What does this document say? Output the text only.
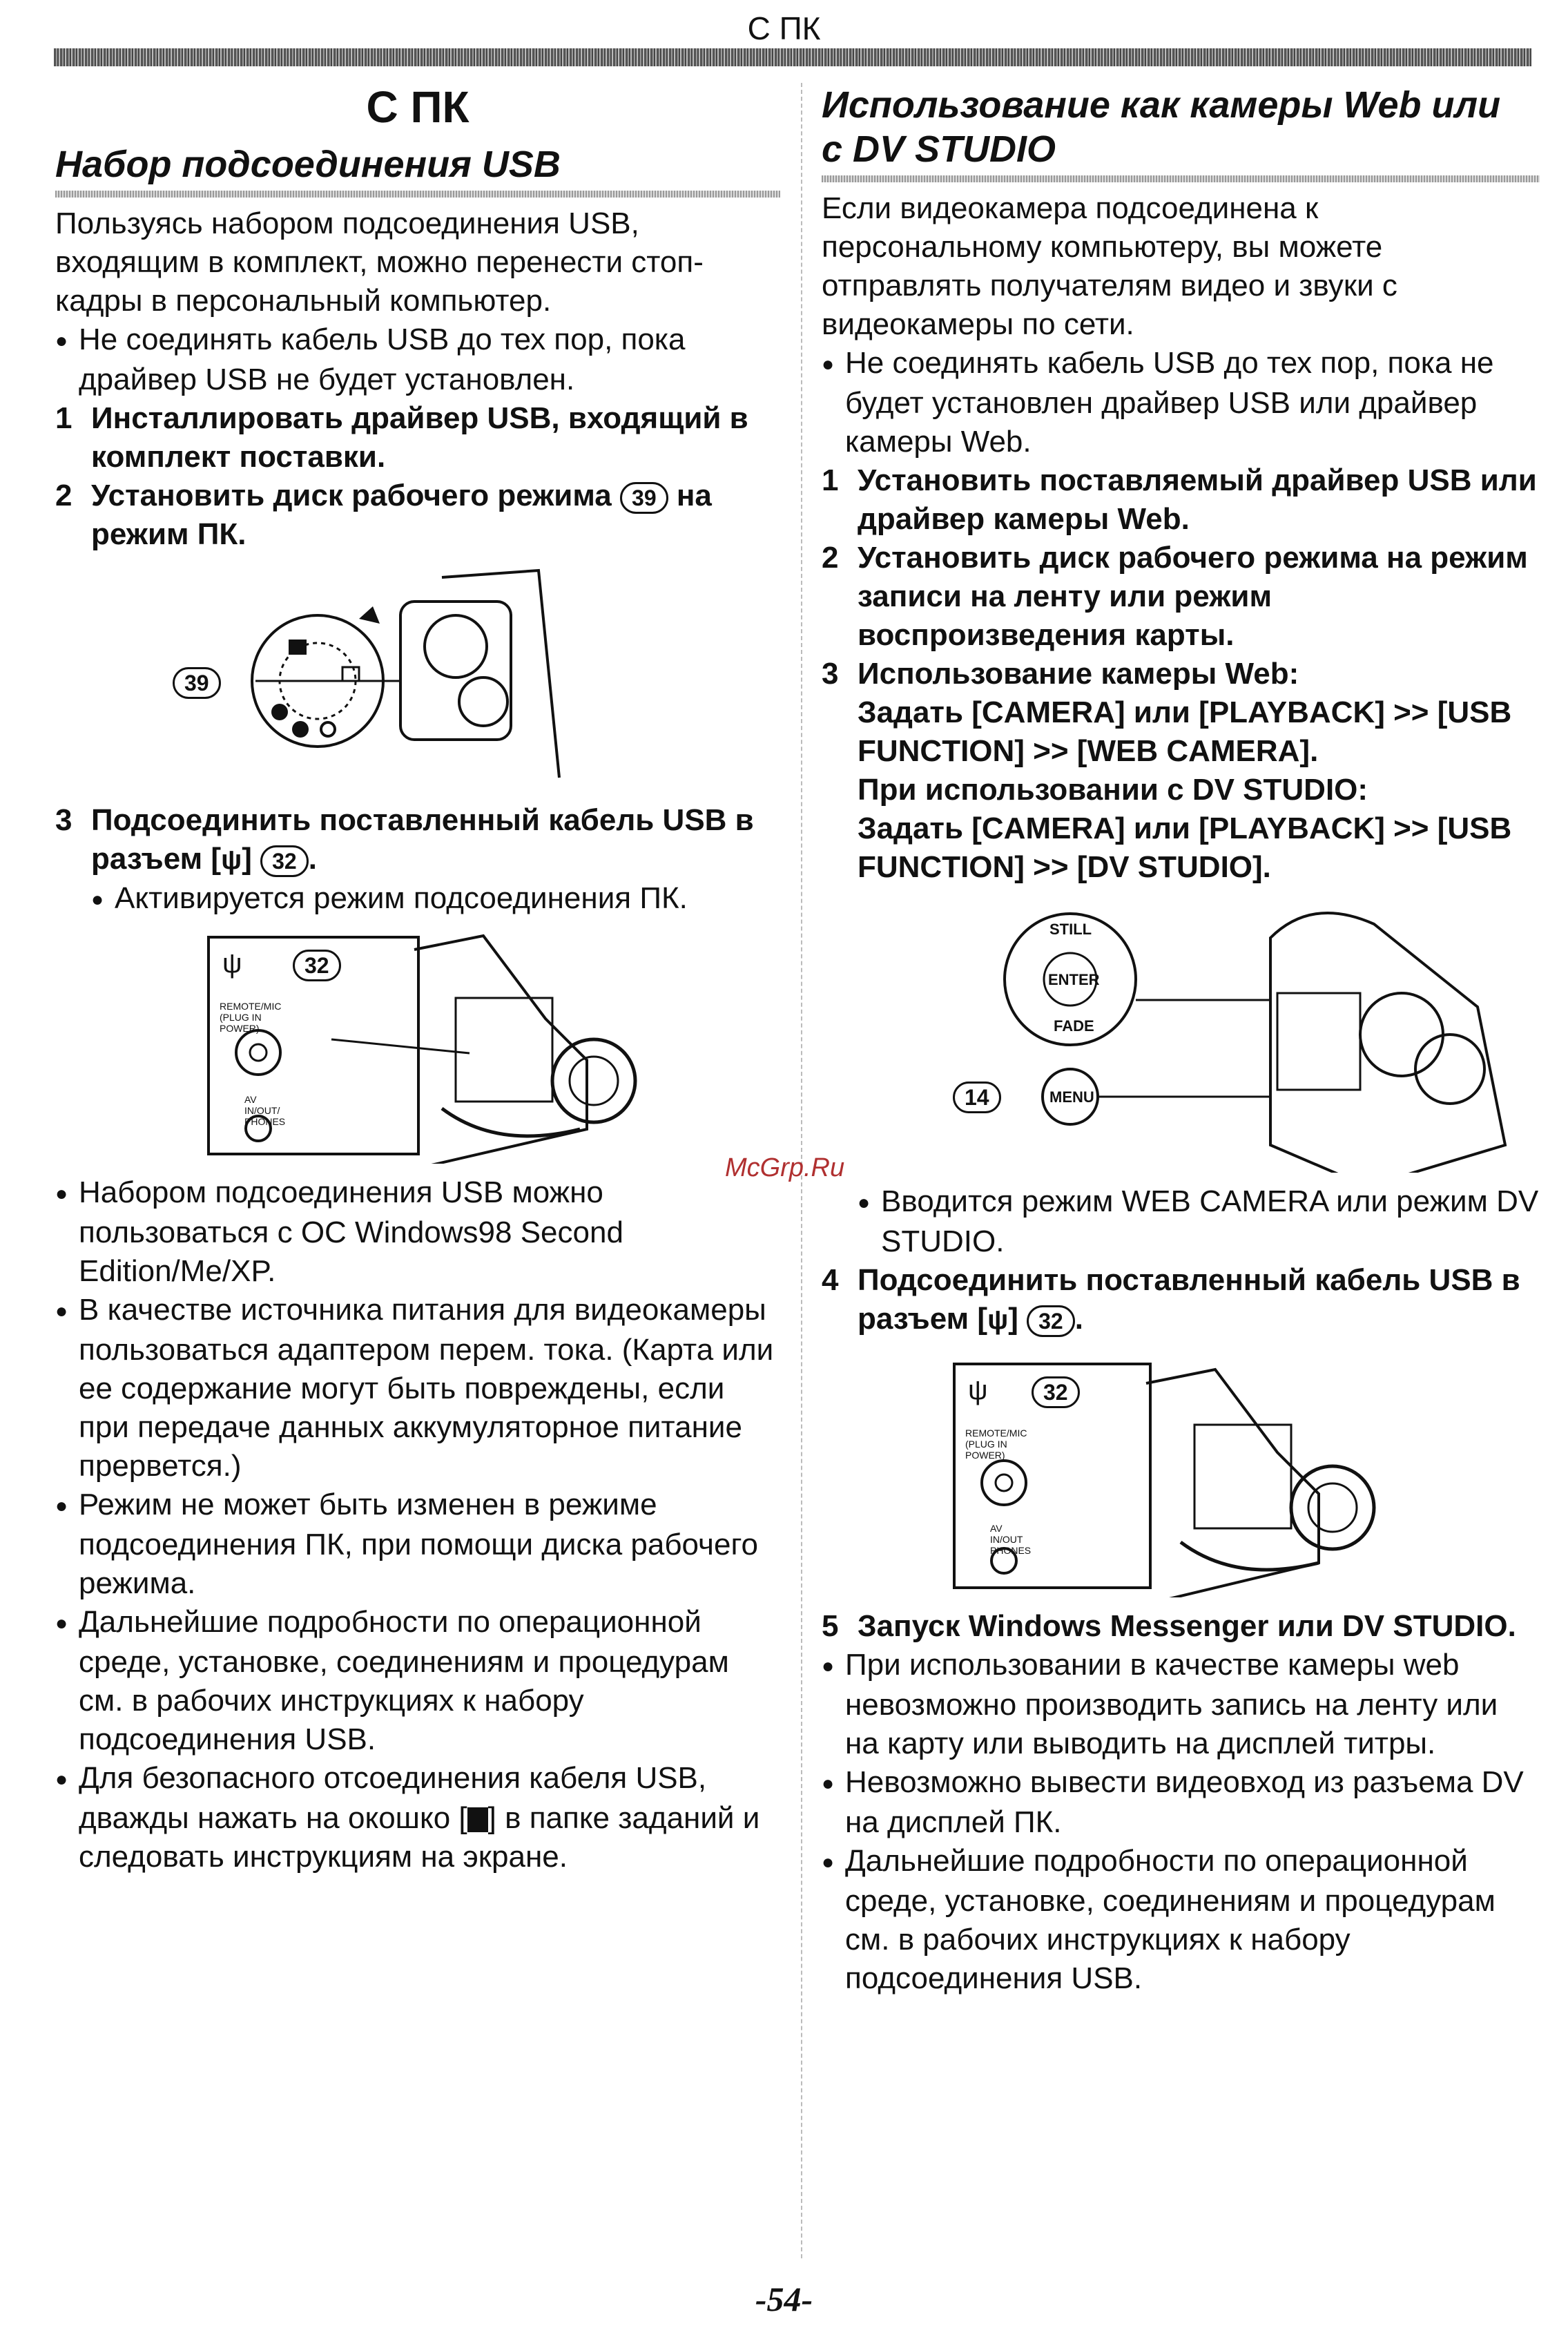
С ПК
С ПК
Набор подсоединения USB

Пользуясь набором подсоединения USB, входящим в комплект, можно перенести стоп-кадры в персональный компьютер.

● Не соединять кабель USB до тех пор, пока драйвер USB не будет установлен.
1 Инсталлировать драйвер USB, входящий в комплект поставки.
2 Установить диск рабочего режима 39 на режим ПК.
39
3 Подсоединить поставленный кабель USB в разъем [ψ] 32 .
● Активируется режим подсоединения ПК.
ψ	32
REMOTE/MIC (PLUG IN POWER)
AV IN/OUT/ PHONES
● Набором подсоединения USB можно пользоваться с ОС Windows98 Second Edition/Me/XP.
● В качестве источника питания для видеокамеры пользоваться адаптером перем. тока. (Карта или ее содержание могут быть повреждены, если при передаче данных аккумуляторное питание прервется.)
● Режим не может быть изменен в режиме подсоединения ПК, при помощи диска рабочего режима.
● Дальнейшие подробности по операционной среде, установке, соединениям и процедурам см. в рабочих инструкциях к набору подсоединения USB.
● Для безопасного отсоединения кабеля USB, дважды нажать на окошко [ ] в папке заданий и следовать инструкциям на экране.
Использование как камеры Web или с DV STUDIO

Если видеокамера подсоединена к персональному компьютеру, вы можете отправлять получателям видео и звуки с видеокамеры по сети.

● Не соединять кабель USB до тех пор, пока не будет установлен драйвер USB или драйвер камеры Web.
1 Установить поставляемый драйвер USB или драйвер камеры Web.
2 Установить диск рабочего режима на режим записи на ленту или режим воспроизведения карты.
3 Использование камеры Web:
Задать [CAMERA] или [PLAYBACK] >> [USB FUNCTION] >> [WEB CAMERA].
При использовании с DV STUDIO:
Задать [CAMERA] или [PLAYBACK] >> [USB FUNCTION] >> [DV STUDIO].
STILL
ENTER
FADE
MENU
14
● Вводится режим WEB CAMERA или режим DV STUDIO.
4 Подсоединить поставленный кабель USB в разъем [ψ] 32 .
ψ	32
REMOTE/MIC (PLUG IN POWER)
AV IN/OUT PHONES
5 Запуск Windows Messenger или DV STUDIO.
● При использовании в качестве камеры web невозможно производить запись на ленту или на карту или выводить на дисплей титры.
● Невозможно вывести видеовход из разъема DV на дисплей ПК.
● Дальнейшие подробности по операционной среде, установке, соединениям и процедурам см. в рабочих инструкциях к набору подсоединения USB.
McGrp.Ru
-54-
